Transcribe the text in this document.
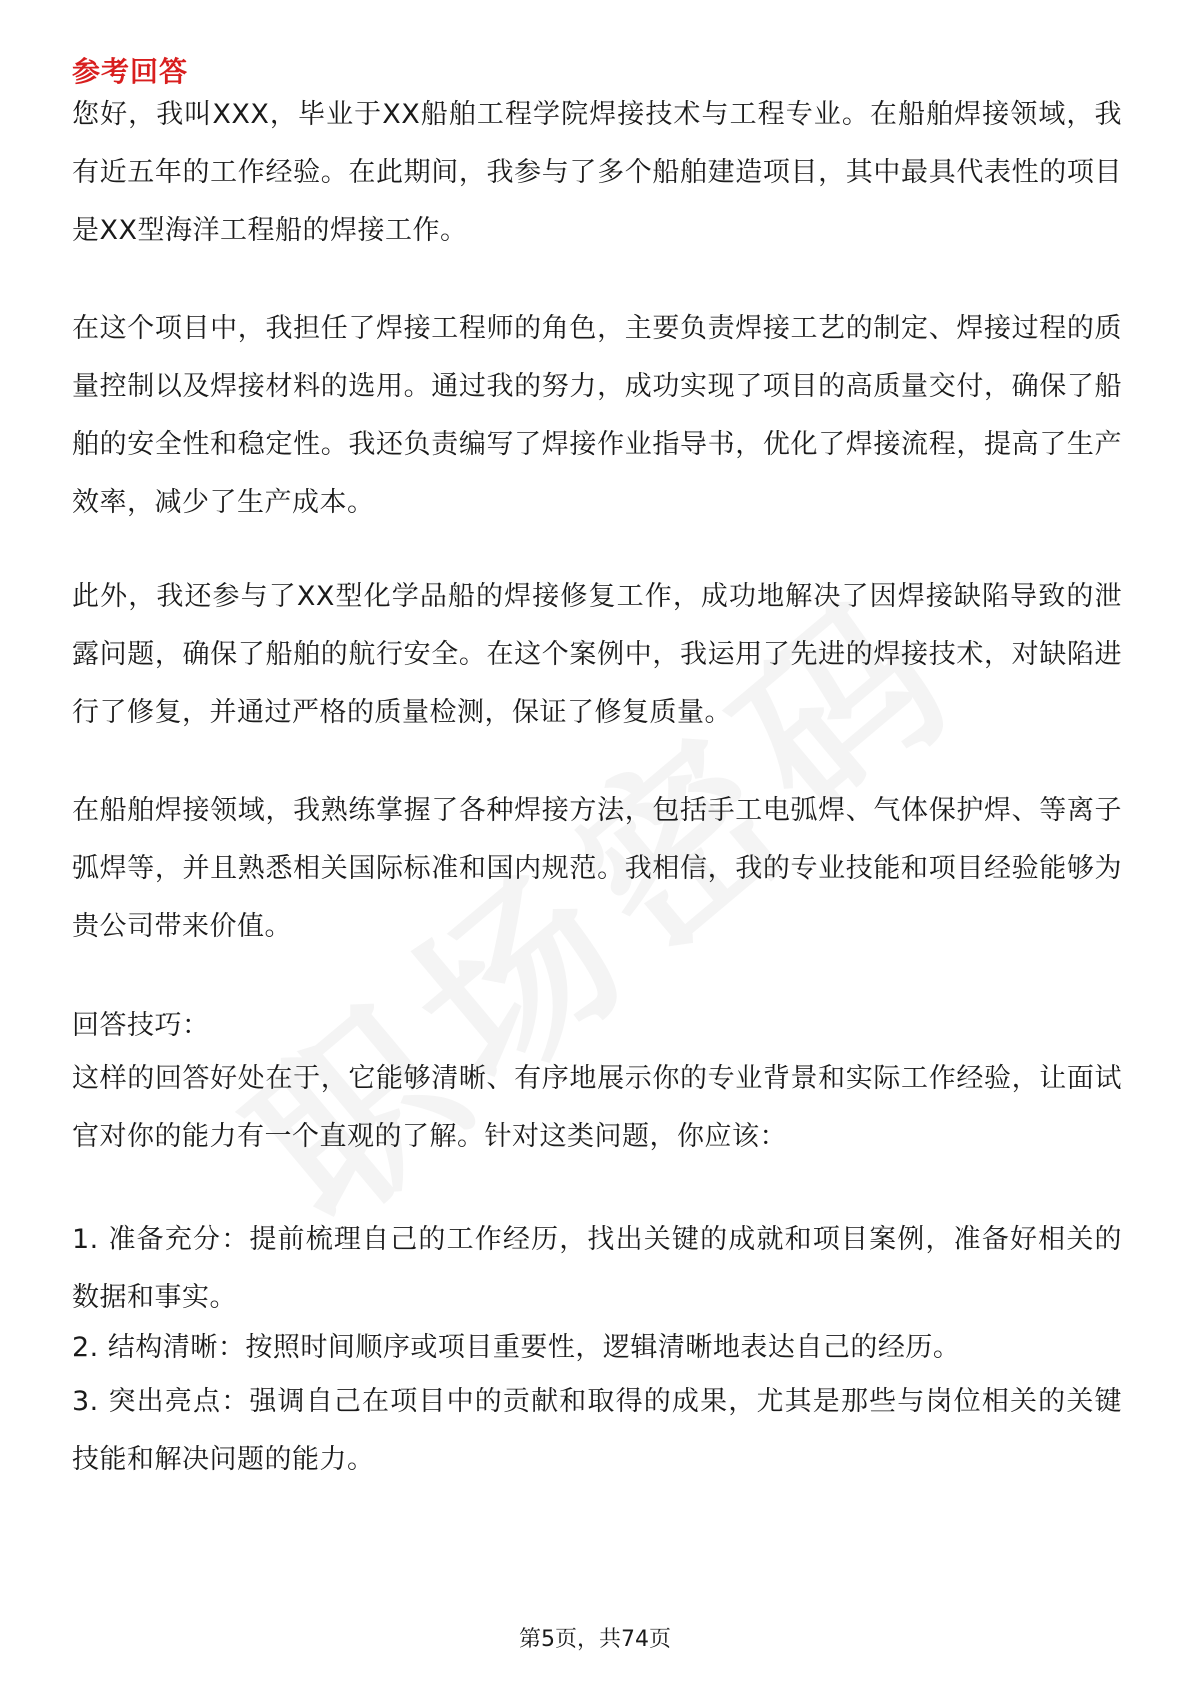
参考回答

您好，我叫XXX，毕业于XX船舶工程学院焊接技术与工程专业。在船舶焊接领域，我有近五年的工作经验。在此期间，我参与了多个船舶建造项目，其中最具代表性的项目是XX型海洋工程船的焊接工作。

在这个项目中，我担任了焊接工程师的角色，主要负责焊接工艺的制定、焊接过程的质量控制以及焊接材料的选用。通过我的努力，成功实现了项目的高质量交付，确保了船舶的安全性和稳定性。我还负责编写了焊接作业指导书，优化了焊接流程，提高了生产效率，减少了生产成本。

此外，我还参与了XX型化学品船的焊接修复工作，成功地解决了因焊接缺陷导致的泄露问题，确保了船舶的航行安全。在这个案例中，我运用了先进的焊接技术，对缺陷进行了修复，并通过严格的质量检测，保证了修复质量。

在船舶焊接领域，我熟练掌握了各种焊接方法，包括手工电弧焊、气体保护焊、等离子弧焊等，并且熟悉相关国际标准和国内规范。我相信，我的专业技能和项目经验能够为贵公司带来价值。

回答技巧：

这样的回答好处在于，它能够清晰、有序地展示你的专业背景和实际工作经验，让面试官对你的能力有一个直观的了解。针对这类问题，你应该：

1. 准备充分：提前梳理自己的工作经历，找出关键的成就和项目案例，准备好相关的数据和事实。

2. 结构清晰：按照时间顺序或项目重要性，逻辑清晰地表达自己的经历。

3. 突出亮点：强调自己在项目中的贡献和取得的成果，尤其是那些与岗位相关的关键技能和解决问题的能力。

第5页，共74页
